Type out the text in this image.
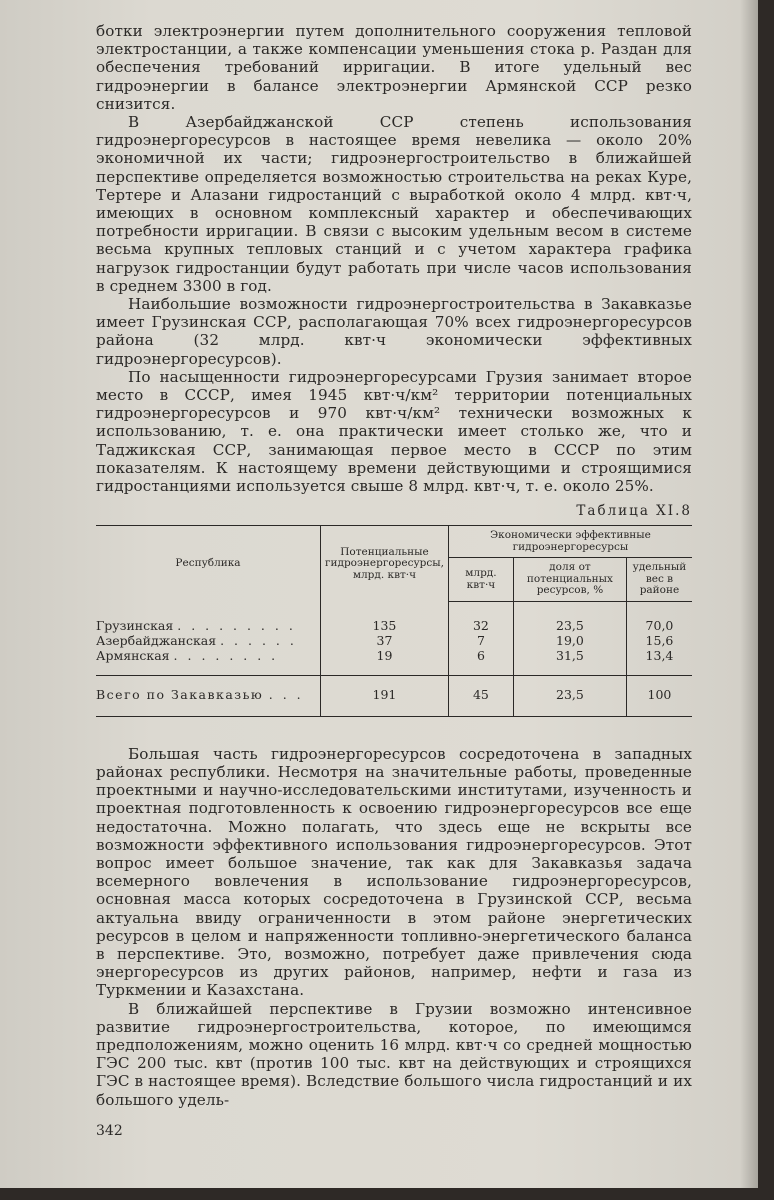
ботки электроэнергии путем дополнительного сооружения тепловой электростанции, а также компенсации уменьшения стока р. Раздан для обеспечения требований ирригации. В итоге удельный вес гидроэнергии в балансе электроэнергии Армянской ССР резко снизится.

В Азербайджанской ССР степень использования гидроэнергоресурсов в настоящее время невелика — около 20% экономичной их части; гидроэнергостроительство в ближайшей перспективе определяется возможностью строительства на реках Куре, Тертере и Алазани гидростанций с выработкой около 4 млрд. квт·ч, имеющих в основном комплексный характер и обеспечивающих потребности ирригации. В связи с высоким удельным весом в системе весьма крупных тепловых станций и с учетом характера графика нагрузок гидростанции будут работать при числе часов использования в среднем 3300 в год.

Наибольшие возможности гидроэнергостроительства в Закавказье имеет Грузинская ССР, располагающая 70% всех гидроэнергоресурсов района (32 млрд. квт·ч экономически эффективных гидроэнергоресурсов).

По насыщенности гидроэнергоресурсами Грузия занимает второе место в СССР, имея 1945 квт·ч/км² территории потенциальных гидроэнергоресурсов и 970 квт·ч/км² технически возможных к использованию, т. е. она практически имеет столько же, что и Таджикская ССР, занимающая первое место в СССР по этим показателям. К настоящему времени действующими и строящимися гидростанциями используется свыше 8 млрд. квт·ч, т. е. около 25%.

Таблица XI.8
Республика	Потенциальные гидроэнергоресурсы, млрд. квт·ч	Экономически эффективные гидроэнергоресурсы		
		млрд. квт·ч	доля от потенциальных ресурсов, %	удельный вес в районе
Грузинская . . . . . . . . .	135	32	23,5	70,0
Азербайджанская . . . . . .	37	7	19,0	15,6
Армянская . . . . . . . .	19	6	31,5	13,4
Всего по Закавказью . . .	191	45	23,5	100

Большая часть гидроэнергоресурсов сосредоточена в западных районах республики. Несмотря на значительные работы, проведенные проектными и научно-исследовательскими институтами, изученность и проектная подготовленность к освоению гидроэнергоресурсов все еще недостаточна. Можно полагать, что здесь еще не вскрыты все возможности эффективного использования гидроэнергоресурсов. Этот вопрос имеет большое значение, так как для Закавказья задача всемерного вовлечения в использование гидроэнергоресурсов, основная масса которых сосредоточена в Грузинской ССР, весьма актуальна ввиду ограниченности в этом районе энергетических ресурсов в целом и напряженности топливно-энергетического баланса в перспективе. Это, возможно, потребует даже привлечения сюда энергоресурсов из других районов, например, нефти и газа из Туркмении и Казахстана.

В ближайшей перспективе в Грузии возможно интенсивное развитие гидроэнергостроительства, которое, по имеющимся предположениям, можно оценить 16 млрд. квт·ч со средней мощностью ГЭС 200 тыс. квт (против 100 тыс. квт на действующих и строящихся ГЭС в настоящее время). Вследствие большого числа гидростанций и их большого удель-

342
